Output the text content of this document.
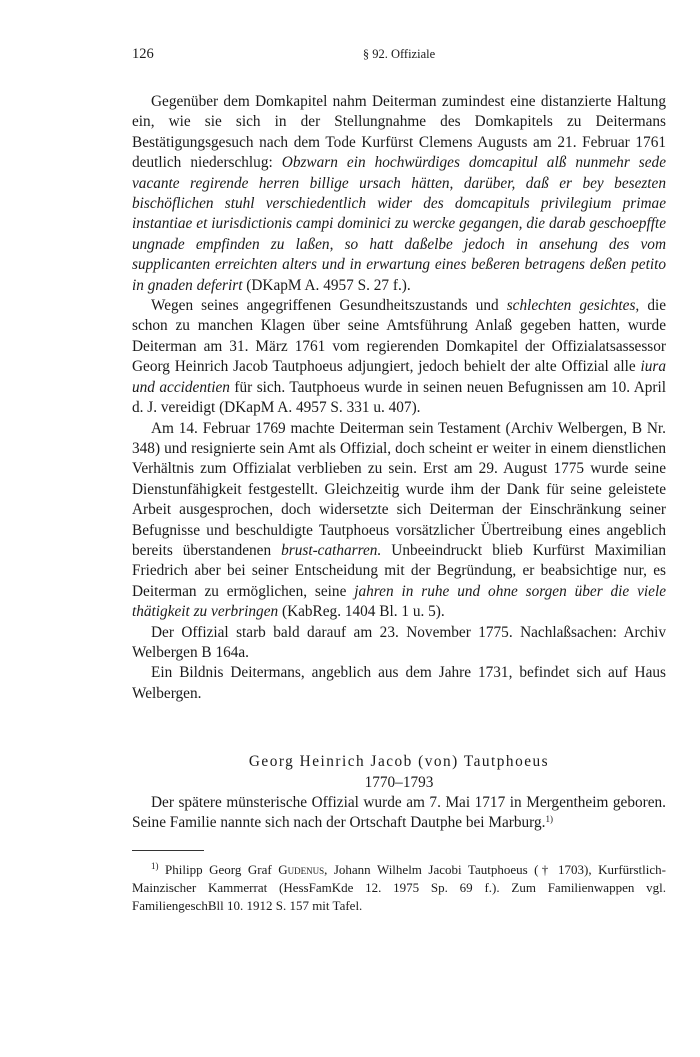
126	§ 92. Offiziale

Gegenüber dem Domkapitel nahm Deiterman zumindest eine distanzierte Haltung ein, wie sie sich in der Stellungnahme des Domkapitels zu Deitermans Bestätigungsgesuch nach dem Tode Kurfürst Clemens Augusts am 21. Februar 1761 deutlich niederschlug: Obzwarn ein hochwürdiges domcapitul alß nunmehr sede vacante regirende herren billige ursach hätten, darüber, daß er bey besezten bischöflichen stuhl verschiedentlich wider des domcapituls privilegium primae instantiae et iurisdictionis campi dominici zu wercke gegangen, die darab geschoepffte ungnade empfinden zu laßen, so hatt daßelbe jedoch in ansehung des vom supplicanten erreichten alters und in erwartung eines beßeren betragens deßen petito in gnaden deferirt (DKapM A. 4957 S. 27 f.).

Wegen seines angegriffenen Gesundheitszustands und schlechten gesichtes, die schon zu manchen Klagen über seine Amtsführung Anlaß gegeben hatten, wurde Deiterman am 31. März 1761 vom regierenden Domkapitel der Offizialatsassessor Georg Heinrich Jacob Tautphoeus adjungiert, jedoch behielt der alte Offizial alle iura und accidentien für sich. Tautphoeus wurde in seinen neuen Befugnissen am 10. April d. J. vereidigt (DKapM A. 4957 S. 331 u. 407).

Am 14. Februar 1769 machte Deiterman sein Testament (Archiv Welbergen, B Nr. 348) und resignierte sein Amt als Offizial, doch scheint er weiter in einem dienstlichen Verhältnis zum Offizialat verblieben zu sein. Erst am 29. August 1775 wurde seine Dienstunfähigkeit festgestellt. Gleichzeitig wurde ihm der Dank für seine geleistete Arbeit ausgesprochen, doch widersetzte sich Deiterman der Einschränkung seiner Befugnisse und beschuldigte Tautphoeus vorsätzlicher Übertreibung eines angeblich bereits überstandenen brust-catharren. Unbeeindruckt blieb Kurfürst Maximilian Friedrich aber bei seiner Entscheidung mit der Begründung, er beabsichtige nur, es Deiterman zu ermöglichen, seine jahren in ruhe und ohne sorgen über die viele thätigkeit zu verbringen (KabReg. 1404 Bl. 1 u. 5).

Der Offizial starb bald darauf am 23. November 1775. Nachlaßsachen: Archiv Welbergen B 164a.

Ein Bildnis Deitermans, angeblich aus dem Jahre 1731, befindet sich auf Haus Welbergen.

Georg Heinrich Jacob (von) Tautphoeus
1770–1793

Der spätere münsterische Offizial wurde am 7. Mai 1717 in Mergentheim geboren. Seine Familie nannte sich nach der Ortschaft Dautphe bei Marburg.$^{1)}$

$^{1)}$ Philipp Georg Graf Gudenus, Johann Wilhelm Jacobi Tautphoeus († 1703), Kurfürstlich-Mainzischer Kammerrat (HessFamKde 12. 1975 Sp. 69 f.). Zum Familienwappen vgl. FamiliengeschBll 10. 1912 S. 157 mit Tafel.
